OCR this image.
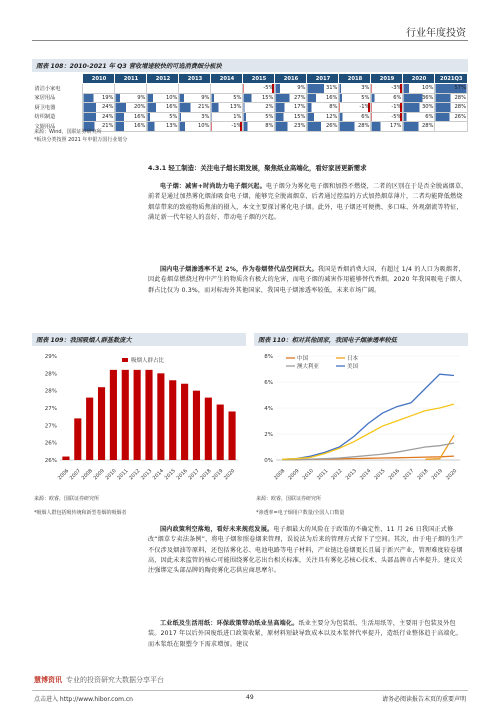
行业年度投资
图表 108：2010-2021 年 Q3 营收增速较快的可选消费细分板块
	2010	2011	2012	2013	2014	2015	2016	2017	2018	2019	2020	2021Q3
清洁小家电						-5%	9%	31%	3%	-3%	10%	57%
家居用品	19%	9%	10%	9%	5%	15%	27%	16%	5%	6%	36%	28%
厨卫电器	24%	20%	16%	21%	13%	2%	17%	8%	-1%	-1%	30%	28%
纺织制造	24%	16%	5%	3%	1%	5%	15%	12%	6%	-5%	6%	26%
文娱用品	21%	16%	13%	10%	-1%	8%	23%	26%	28%	17%	28%	
来源：Wind，国联证券研究所
*板块分类按照 2021 年申银万国行业划分
4.3.1 轻工制造：关注电子烟长期发展，聚焦纸业高端化，看好家居更新需求
电子烟：减害+时尚助力电子烟兴起。电子烟分为雾化电子烟和加热不燃烧，二者的区别在于是否全脱离烟草，前者是通过加热雾化烟油吸食电子烟，能够完全脱离烟草，后者通过控温的方式加热烟草薄片，二者均能降低燃烧烟草带来的致癌物质焦油的摄入，本文主要探讨雾化电子烟。此外，电子烟还可便携、多口味、外观潮流等特征，满足新一代年轻人的喜好，带动电子烟的兴起。
国内电子烟渗透率不足 2%，作为卷烟替代品空间巨大。我国是香烟消费大国，有超过 1/4 的人口为吸烟者，因此卷烟草燃烧过程中产生的物质含有极大的危害，而电子烟的减害作用能够替代香烟。2020 年我国吸电子烟人群占比仅为 0.3%，而对标海外其他国家，我国电子烟渗透率较低，未来市场广阔。
图表 109：我国吸烟人群基数庞大
26%
26%
27%
27%
28%
28%
29%
2006
2007
2008
2009
2010
2011
2012
2013
2014
2015
2016
2017
2018
2019
2020
吸烟人群占比
来源：欧睿，国联证券研究所
*吸烟人群包括吸传统和新型卷烟的吸烟者
图表 110：相对其他国家，我国电子烟渗透率较低
0%
2%
4%
6%
8%
2008 2009 2010 2011 2012 2013 2014 2015 2016 2017 2018 2019 2020
中国	日本
澳大利亚	美国
来源：欧睿，国联证券研究所
*渗透率=电子烟用户数量/全国人口数量
国内政策利空落地，看好未来规范发展。电子烟最大的风险在于政策的不确定性，11 月 26 日我国正式修改“烟草专卖法条例”，将电子烟参照卷烟来管理，误说法为后来的管理方式留下了空间。其次，由于电子烟的生产不仅涉及烟油等原料，还包括雾化芯、电池电路等电子材料，产业链比卷烟更长且属于新兴产业，管理难度较卷烟高，因此未来监管的核心可能围绕雾化芯出台相关标准，关注具有雾化芯核心技术、头部品牌市占率提升。建议关注强绑定头部品牌的陶瓷雾化芯供应商思摩尔。
工业纸及生活用纸：环保政策带动纸业呈高端化。纸业主要分为包装纸、生活用纸等，主要用于包装及外包装。2017 年以后外国废纸进口政策收紧，原材料短缺导致成本以及木浆替代率提升，造纸行业整体趋于高端化，而木浆纸在限塑令下需求增加。建议
慧博资讯 专业的投资研究大数据分享平台
点击进入 http://www.hibor.com.cn	49	请务必阅读报告末页的重要声明
